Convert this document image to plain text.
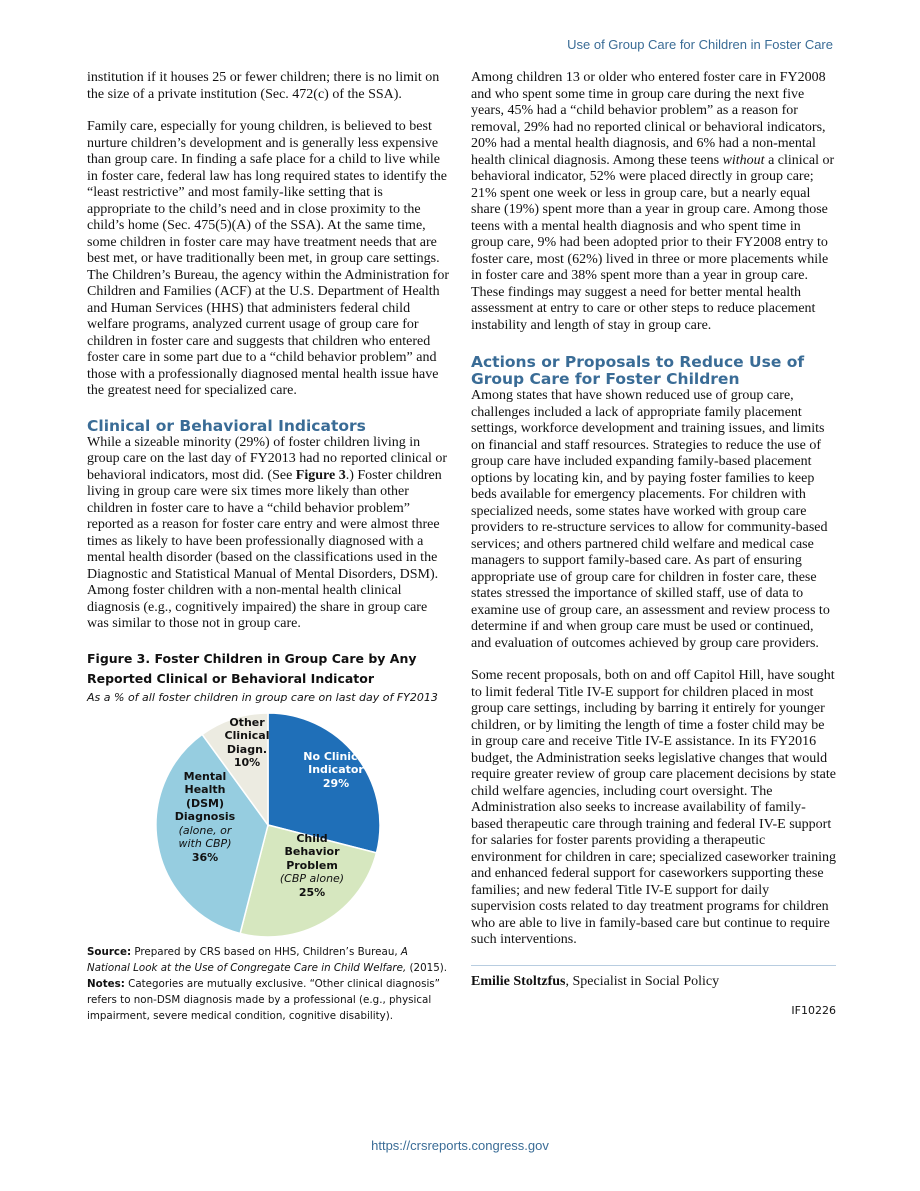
Use of Group Care for Children in Foster Care

institution if it houses 25 or fewer children; there is no limit on the size of a private institution (Sec. 472(c) of the SSA).

Family care, especially for young children, is believed to best nurture children’s development and is generally less expensive than group care. In finding a safe place for a child to live while in foster care, federal law has long required states to identify the “least restrictive” and most family-like setting that is appropriate to the child’s need and in close proximity to the child’s home (Sec. 475(5)(A) of the SSA). At the same time, some children in foster care may have treatment needs that are best met, or have traditionally been met, in group care settings. The Children’s Bureau, the agency within the Administration for Children and Families (ACF) at the U.S. Department of Health and Human Services (HHS) that administers federal child welfare programs, analyzed current usage of group care for children in foster care and suggests that children who entered foster care in some part due to a “child behavior problem” and those with a professionally diagnosed mental health issue have the greatest need for specialized care.

Clinical or Behavioral Indicators

While a sizeable minority (29%) of foster children living in group care on the last day of FY2013 had no reported clinical or behavioral indicators, most did. (See Figure 3.) Foster children living in group care were six times more likely than other children in foster care to have a “child behavior problem” reported as a reason for foster care entry and were almost three times as likely to have been professionally diagnosed with a mental health disorder (based on the classifications used in the Diagnostic and Statistical Manual of Mental Disorders, DSM). Among foster children with a non-mental health clinical diagnosis (e.g., cognitively impaired) the share in group care was similar to those not in group care.

Figure 3. Foster Children in Group Care by Any Reported Clinical or Behavioral Indicator
As a % of all foster children in group care on last day of FY2013
No Clinical
Indicator
29%
Child
Behavior
Problem
(CBP alone)
25%
Mental
Health
(DSM)
Diagnosis
(alone, or with CBP)
36%
Other
Clinical
Diagn.
10%

Source: Prepared by CRS based on HHS, Children’s Bureau, A National Look at the Use of Congregate Care in Child Welfare, (2015).
Notes: Categories are mutually exclusive. “Other clinical diagnosis” refers to non-DSM diagnosis made by a professional (e.g., physical impairment, severe medical condition, cognitive disability).

Among children 13 or older who entered foster care in FY2008 and who spent some time in group care during the next five years, 45% had a “child behavior problem” as a reason for removal, 29% had no reported clinical or behavioral indicators, 20% had a mental health diagnosis, and 6% had a non-mental health clinical diagnosis. Among these teens without a clinical or behavioral indicator, 52% were placed directly in group care; 21% spent one week or less in group care, but a nearly equal share (19%) spent more than a year in group care. Among those teens with a mental health diagnosis and who spent time in group care, 9% had been adopted prior to their FY2008 entry to foster care, most (62%) lived in three or more placements while in foster care and 38% spent more than a year in group care. These findings may suggest a need for better mental health assessment at entry to care or other steps to reduce placement instability and length of stay in group care.

Actions or Proposals to Reduce Use of Group Care for Foster Children

Among states that have shown reduced use of group care, challenges included a lack of appropriate family placement settings, workforce development and training issues, and limits on financial and staff resources. Strategies to reduce the use of group care have included expanding family-based placement options by locating kin, and by paying foster families to keep beds available for emergency placements. For children with specialized needs, some states have worked with group care providers to re-structure services to allow for community-based services; and others partnered child welfare and medical case managers to support family-based care. As part of ensuring appropriate use of group care for children in foster care, these states stressed the importance of skilled staff, use of data to examine use of group care, an assessment and review process to determine if and when group care must be used or continued, and evaluation of outcomes achieved by group care providers.

Some recent proposals, both on and off Capitol Hill, have sought to limit federal Title IV-E support for children placed in most group care settings, including by barring it entirely for younger children, or by limiting the length of time a foster child may be in group care and receive Title IV-E assistance. In its FY2016 budget, the Administration seeks legislative changes that would require greater review of group care placement decisions by state child welfare agencies, including court oversight. The Administration also seeks to increase availability of family-based therapeutic care through training and federal IV-E support for salaries for foster parents providing a therapeutic environment for children in care; specialized caseworker training and enhanced federal support for caseworkers supporting these families; and new federal Title IV-E support for daily supervision costs related to day treatment programs for children who are able to live in family-based care but continue to require such interventions.

Emilie Stoltzfus, Specialist in Social Policy
IF10226
https://crsreports.congress.gov
